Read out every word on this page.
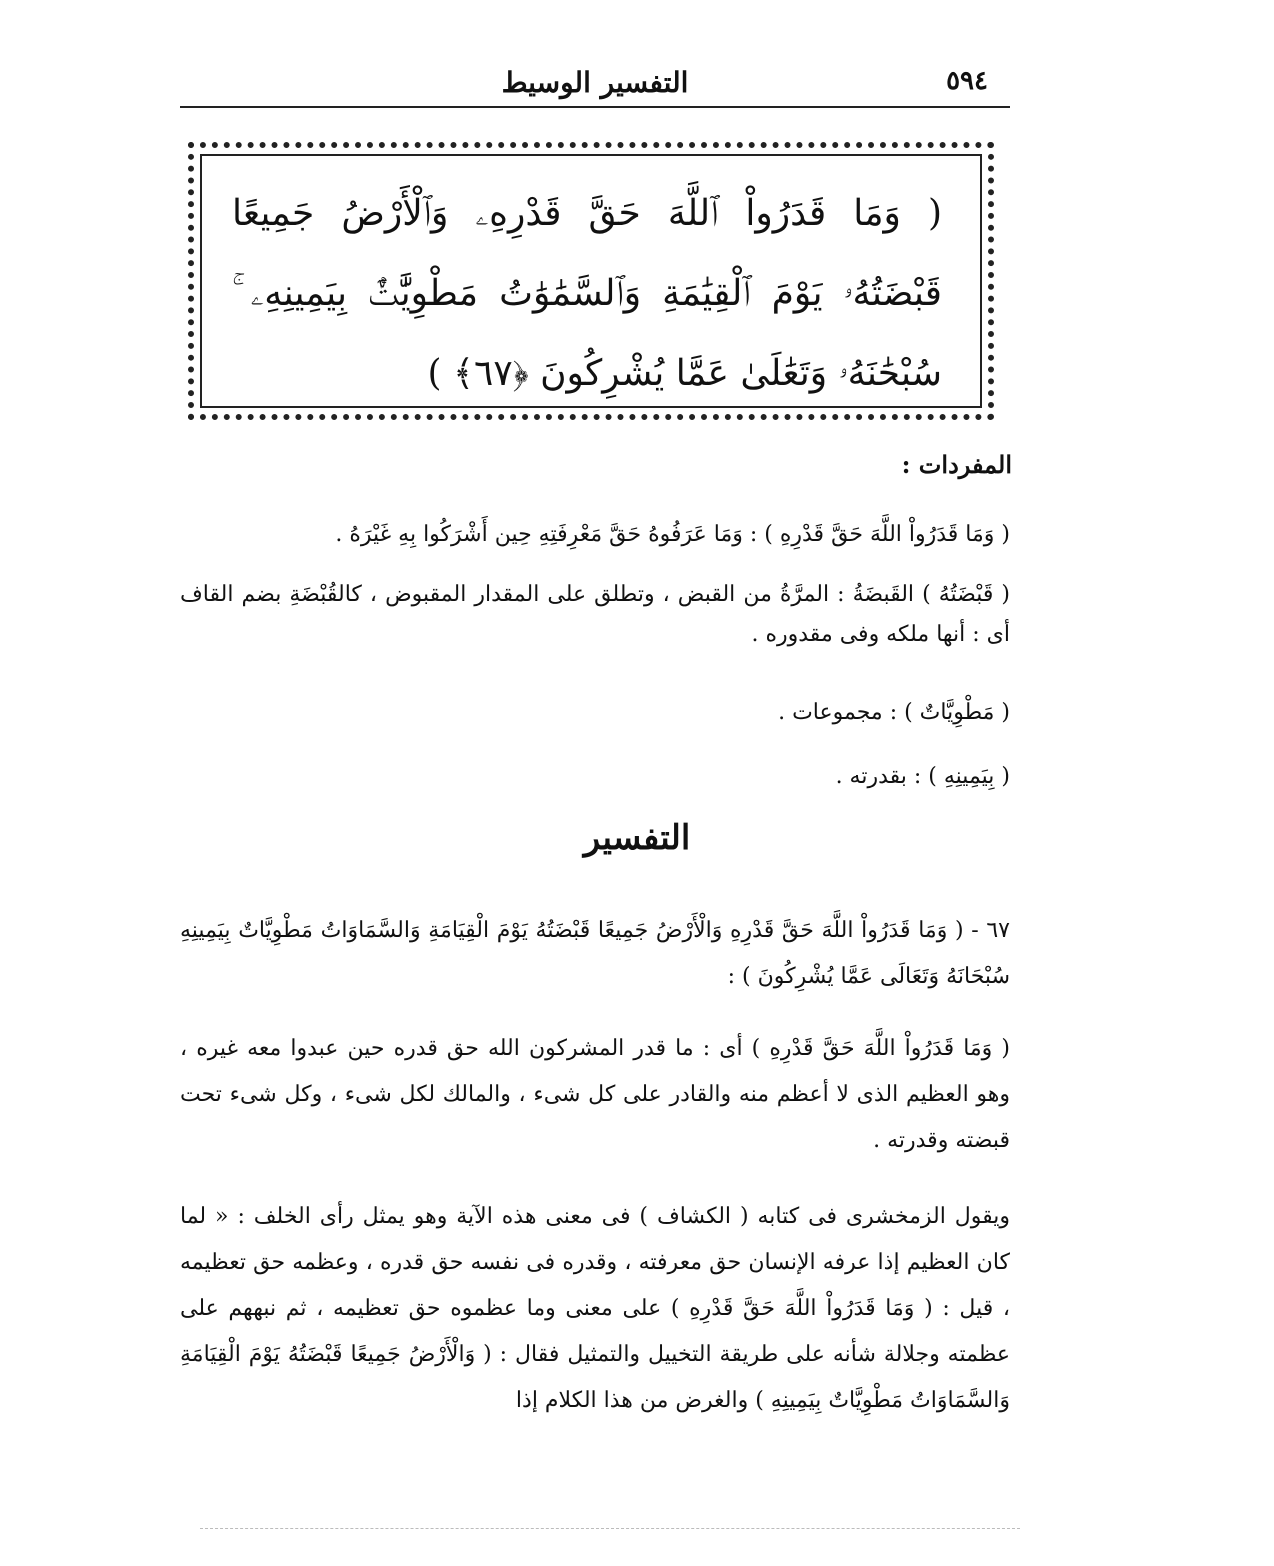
٥٩٤
التفسير الوسيط
( وَمَا قَدَرُواْ ٱللَّهَ حَقَّ قَدْرِهِۦ وَٱلْأَرْضُ جَمِيعًا قَبْضَتُهُۥ يَوْمَ ٱلْقِيَٰمَةِ وَٱلسَّمَٰوَٰتُ مَطْوِيَّٰتٌۢ بِيَمِينِهِۦ ۚ سُبْحَٰنَهُۥ وَتَعَٰلَىٰ عَمَّا يُشْرِكُونَ ﴿٦٧﴾ )
المفردات :
( وَمَا قَدَرُواْ اللَّهَ حَقَّ قَدْرِهِ ) : وَمَا عَرَفُوهُ حَقَّ مَعْرِفَتِهِ حِين أَشْرَكُوا بِهِ غَيْرَهُ .
( قَبْضَتُهُ ) القَبضَةُ : المرَّةُ من القبض ، وتطلق على المقدار المقبوض ، كالقُبْضَةِ بضم القاف أى : أنها ملكه وفى مقدوره .
( مَطْوِيَّاتٌ ) : مجموعات .
( بِيَمِينِهِ ) : بقدرته .
التفسير

٦٧ - ( وَمَا قَدَرُواْ اللَّهَ حَقَّ قَدْرِهِ وَالْأَرْضُ جَمِيعًا قَبْضَتُهُ يَوْمَ الْقِيَامَةِ وَالسَّمَاوَاتُ مَطْوِيَّاتٌ بِيَمِينِهِ سُبْحَانَهُ وَتَعَالَى عَمَّا يُشْرِكُونَ ) :

( وَمَا قَدَرُواْ اللَّهَ حَقَّ قَدْرِهِ ) أى : ما قدر المشركون الله حق قدره حين عبدوا معه غيره ، وهو العظيم الذى لا أعظم منه والقادر على كل شىء ، والمالك لكل شىء ، وكل شىء تحت قبضته وقدرته .

ويقول الزمخشرى فى كتابه ( الكشاف ) فى معنى هذه الآية وهو يمثل رأى الخلف : « لما كان العظيم إذا عرفه الإنسان حق معرفته ، وقدره فى نفسه حق قدره ، وعظمه حق تعظيمه ، قيل : ( وَمَا قَدَرُواْ اللَّهَ حَقَّ قَدْرِهِ ) على معنى وما عظموه حق تعظيمه ، ثم نبههم على عظمته وجلالة شأنه على طريقة التخييل والتمثيل فقال : ( وَالْأَرْضُ جَمِيعًا قَبْضَتُهُ يَوْمَ الْقِيَامَةِ وَالسَّمَاوَاتُ مَطْوِيَّاتٌ بِيَمِينِهِ ) والغرض من هذا الكلام إذا
